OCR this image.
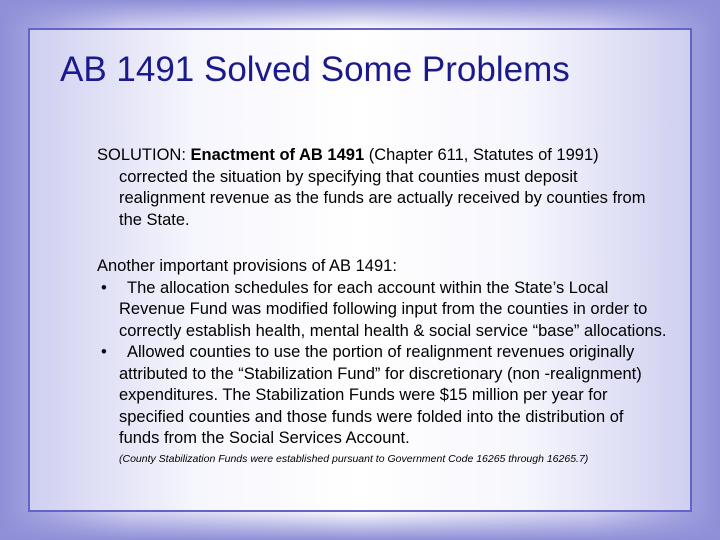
AB 1491 Solved Some Problems

SOLUTION: Enactment of AB 1491 (Chapter 611, Statutes of 1991) corrected the situation by specifying that counties must deposit realignment revenue as the funds are actually received by counties from the State.

Another important provisions of AB 1491:

• The allocation schedules for each account within the State’s Local Revenue Fund was modified following input from the counties in order to correctly establish health, mental health & social service “base” allocations.
• Allowed counties to use the portion of realignment revenues originally attributed to the “Stabilization Fund” for discretionary (non -realignment) expenditures. The Stabilization Funds were $15 million per year for specified counties and those funds were folded into the distribution of funds from the Social Services Account.
(County Stabilization Funds were established pursuant to Government Code 16265 through 16265.7)
